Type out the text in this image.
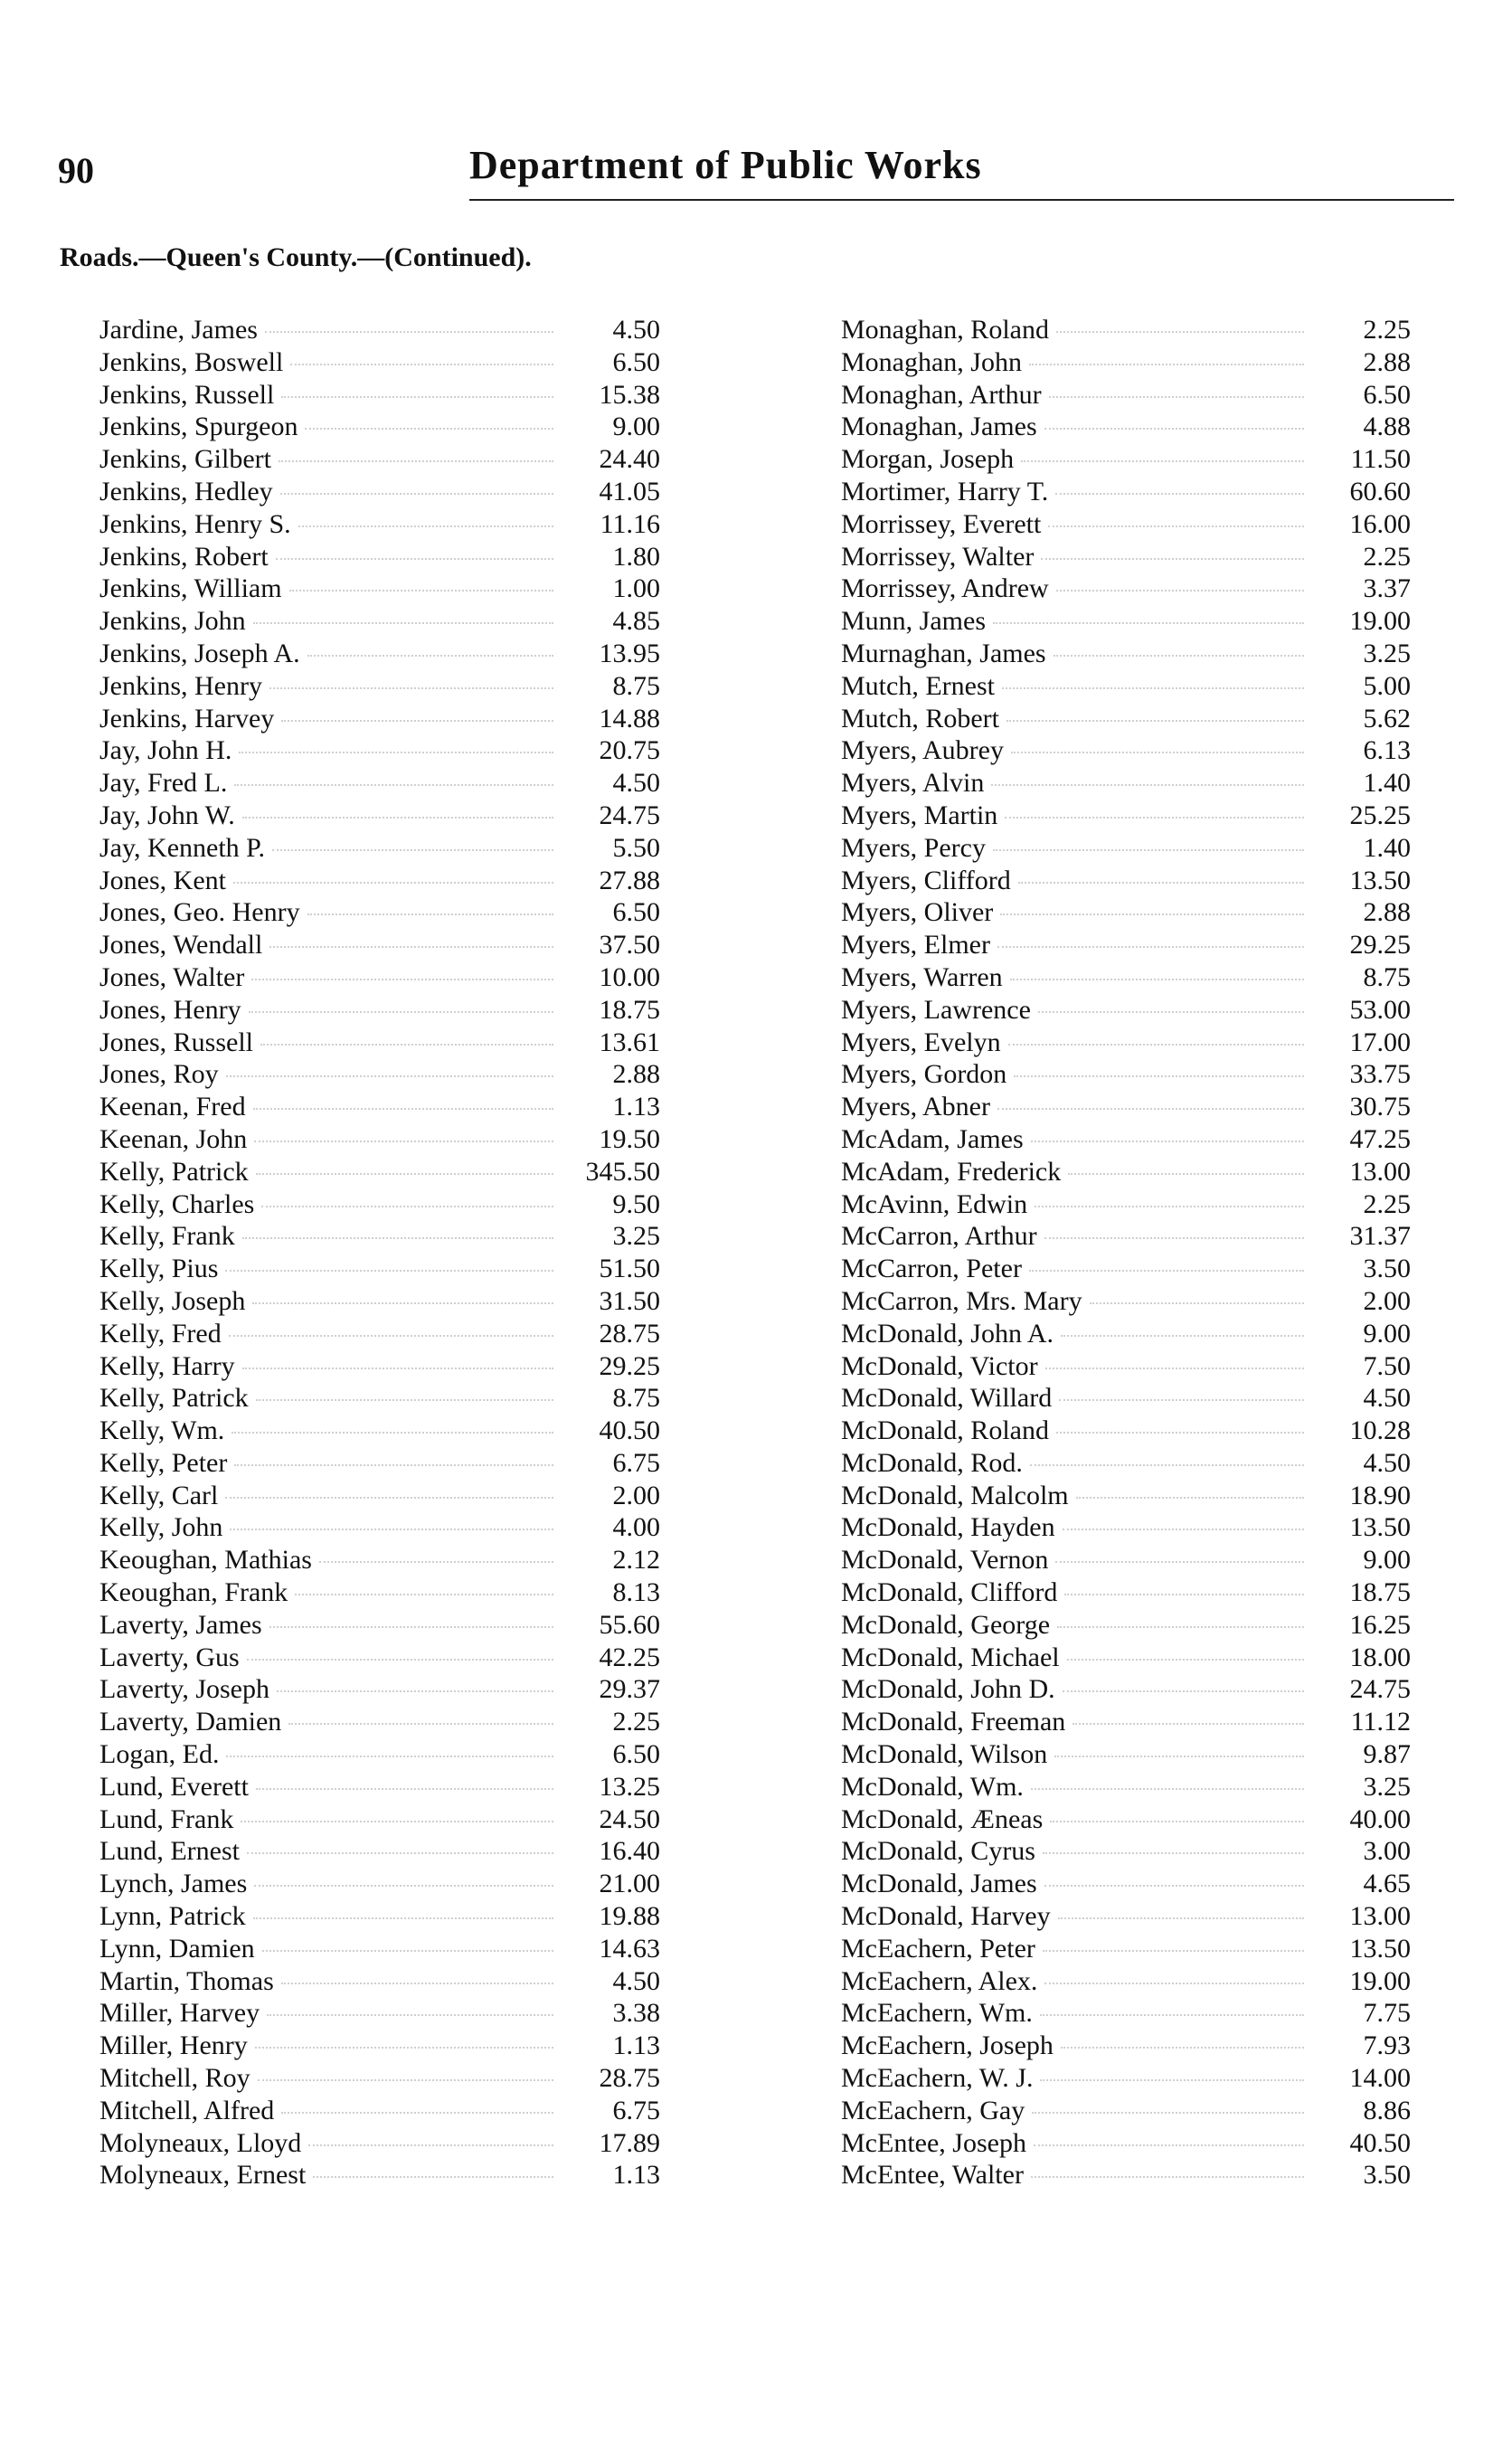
90	Department of Public Works
Roads.—Queen's County.—(Continued).
Jardine, James	4.50
Jenkins, Boswell	6.50
Jenkins, Russell	15.38
Jenkins, Spurgeon	9.00
Jenkins, Gilbert	24.40
Jenkins, Hedley	41.05
Jenkins, Henry S.	11.16
Jenkins, Robert	1.80
Jenkins, William	1.00
Jenkins, John	4.85
Jenkins, Joseph A.	13.95
Jenkins, Henry	8.75
Jenkins, Harvey	14.88
Jay, John H.	20.75
Jay, Fred L.	4.50
Jay, John W.	24.75
Jay, Kenneth P.	5.50
Jones, Kent	27.88
Jones, Geo. Henry	6.50
Jones, Wendall	37.50
Jones, Walter	10.00
Jones, Henry	18.75
Jones, Russell	13.61
Jones, Roy	2.88
Keenan, Fred	1.13
Keenan, John	19.50
Kelly, Patrick	345.50
Kelly, Charles	9.50
Kelly, Frank	3.25
Kelly, Pius	51.50
Kelly, Joseph	31.50
Kelly, Fred	28.75
Kelly, Harry	29.25
Kelly, Patrick	8.75
Kelly, Wm.	40.50
Kelly, Peter	6.75
Kelly, Carl	2.00
Kelly, John	4.00
Keoughan, Mathias	2.12
Keoughan, Frank	8.13
Laverty, James	55.60
Laverty, Gus	42.25
Laverty, Joseph	29.37
Laverty, Damien	2.25
Logan, Ed.	6.50
Lund, Everett	13.25
Lund, Frank	24.50
Lund, Ernest	16.40
Lynch, James	21.00
Lynn, Patrick	19.88
Lynn, Damien	14.63
Martin, Thomas	4.50
Miller, Harvey	3.38
Miller, Henry	1.13
Mitchell, Roy	28.75
Mitchell, Alfred	6.75
Molyneaux, Lloyd	17.89
Molyneaux, Ernest	1.13
Monaghan, Roland	2.25
Monaghan, John	2.88
Monaghan, Arthur	6.50
Monaghan, James	4.88
Morgan, Joseph	11.50
Mortimer, Harry T.	60.60
Morrissey, Everett	16.00
Morrissey, Walter	2.25
Morrissey, Andrew	3.37
Munn, James	19.00
Murnaghan, James	3.25
Mutch, Ernest	5.00
Mutch, Robert	5.62
Myers, Aubrey	6.13
Myers, Alvin	1.40
Myers, Martin	25.25
Myers, Percy	1.40
Myers, Clifford	13.50
Myers, Oliver	2.88
Myers, Elmer	29.25
Myers, Warren	8.75
Myers, Lawrence	53.00
Myers, Evelyn	17.00
Myers, Gordon	33.75
Myers, Abner	30.75
McAdam, James	47.25
McAdam, Frederick	13.00
McAvinn, Edwin	2.25
McCarron, Arthur	31.37
McCarron, Peter	3.50
McCarron, Mrs. Mary	2.00
McDonald, John A.	9.00
McDonald, Victor	7.50
McDonald, Willard	4.50
McDonald, Roland	10.28
McDonald, Rod.	4.50
McDonald, Malcolm	18.90
McDonald, Hayden	13.50
McDonald, Vernon	9.00
McDonald, Clifford	18.75
McDonald, George	16.25
McDonald, Michael	18.00
McDonald, John D.	24.75
McDonald, Freeman	11.12
McDonald, Wilson	9.87
McDonald, Wm.	3.25
McDonald, Æneas	40.00
McDonald, Cyrus	3.00
McDonald, James	4.65
McDonald, Harvey	13.00
McEachern, Peter	13.50
McEachern, Alex.	19.00
McEachern, Wm.	7.75
McEachern, Joseph	7.93
McEachern, W. J.	14.00
McEachern, Gay	8.86
McEntee, Joseph	40.50
McEntee, Walter	3.50
